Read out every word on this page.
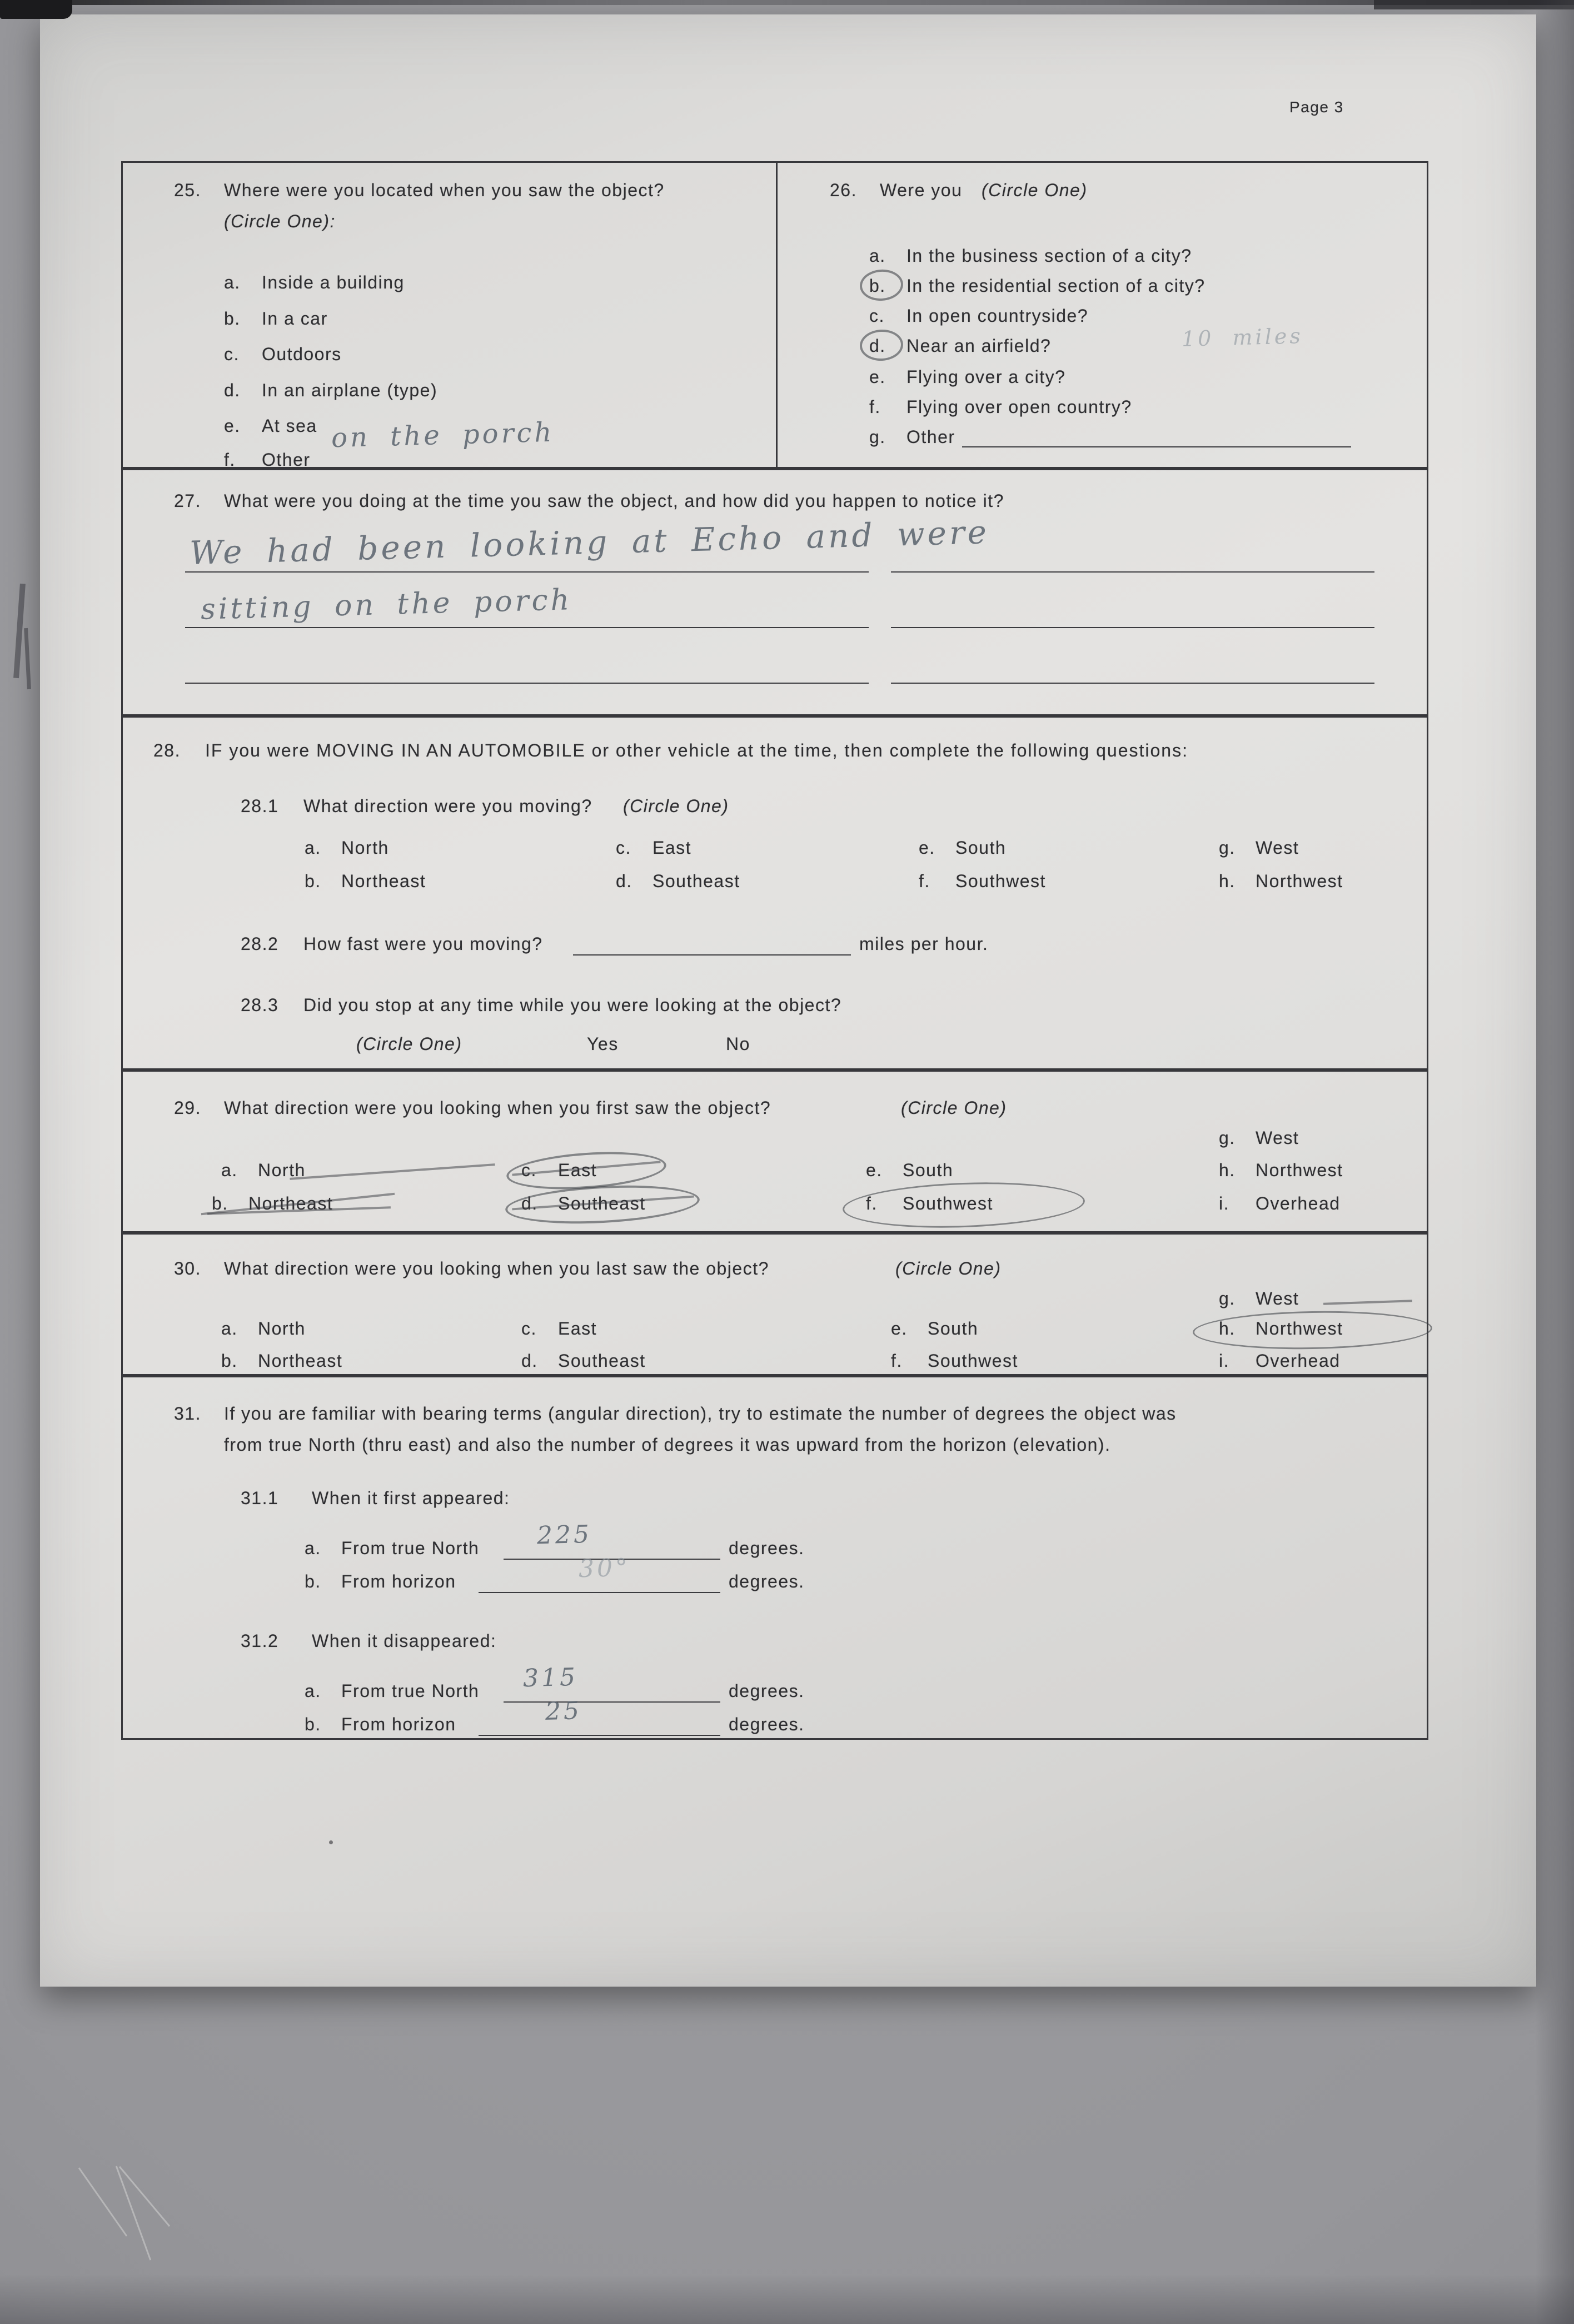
Page 3
25. Where were you located when you saw the object?
(Circle One):
a. Inside a building
b. In a car
c. Outdoors
d. In an airplane (type)
e. At sea
f. Other
on the porch
26. Were you (Circle One)
a. In the business section of a city?
b. In the residential section of a city?
c. In open countryside?
d. Near an airfield?
e. Flying over a city?
f. Flying over open country?
g. Other
10 miles
27. What were you doing at the time you saw the object, and how did you happen to notice it?
We had been looking at Echo and were
sitting on the porch
28. IF you were MOVING IN AN AUTOMOBILE or other vehicle at the time, then complete the following questions:
28.1 What direction were you moving? (Circle One)
a. North
b. Northeast
c. East
d. Southeast
e. South
f. Southwest
g. West
h. Northwest
28.2 How fast were you moving?	miles per hour.
28.3 Did you stop at any time while you were looking at the object?
(Circle One)	Yes	No
29. What direction were you looking when you first saw the object?	(Circle One)
g. West
a. North	c. East	e. South	h. Northwest
b. Northeast	d. Southeast	f. Southwest	i. Overhead
30. What direction were you looking when you last saw the object?	(Circle One)
g. West
a. North	c. East	e. South	h. Northwest
b. Northeast	d. Southeast	f. Southwest	i. Overhead
31. If you are familiar with bearing terms (angular direction), try to estimate the number of degrees the object was
from true North (thru east) and also the number of degrees it was upward from the horizon (elevation).
31.1 When it first appeared:
a. From true North 225	degrees.
b. From horizon	30°	degrees.
31.2 When it disappeared:
a. From true North 315	degrees.
b. From horizon	25	degrees.
